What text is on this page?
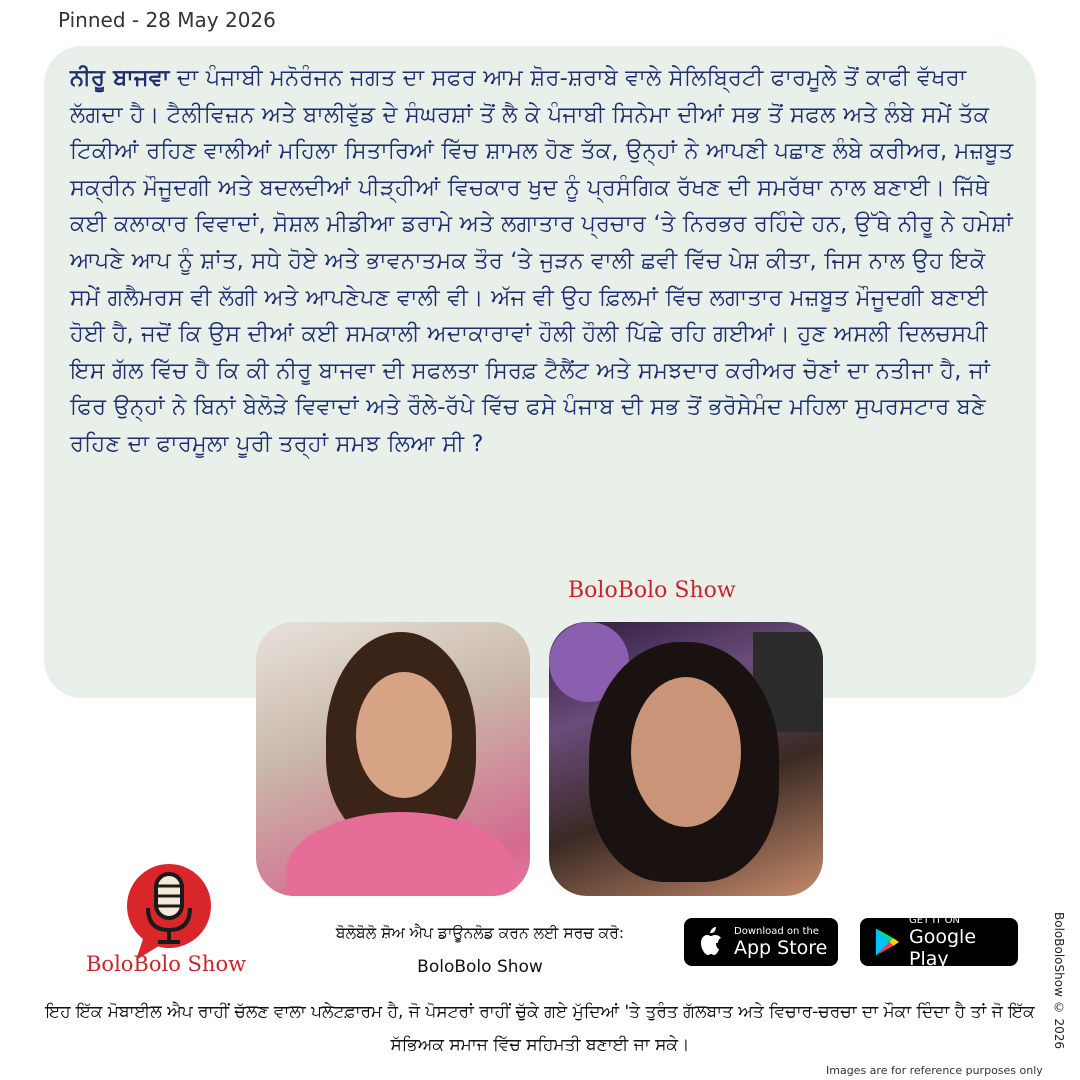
Pinned - 28 May 2026
ਨੀਰੂ ਬਾਜਵਾ ਦਾ ਪੰਜਾਬੀ ਮਨੋਰੰਜਨ ਜਗਤ ਦਾ ਸਫਰ ਆਮ ਸ਼ੋਰ-ਸ਼ਰਾਬੇ ਵਾਲੇ ਸੇਲਿਬ੍ਰਿਟੀ ਫਾਰਮੂਲੇ ਤੋਂ ਕਾਫੀ ਵੱਖਰਾ ਲੱਗਦਾ ਹੈ। ਟੈਲੀਵਿਜ਼ਨ ਅਤੇ ਬਾਲੀਵੁੱਡ ਦੇ ਸੰਘਰਸ਼ਾਂ ਤੋਂ ਲੈ ਕੇ ਪੰਜਾਬੀ ਸਿਨੇਮਾ ਦੀਆਂ ਸਭ ਤੋਂ ਸਫਲ ਅਤੇ ਲੰਬੇ ਸਮੇਂ ਤੱਕ ਟਿਕੀਆਂ ਰਹਿਣ ਵਾਲੀਆਂ ਮਹਿਲਾ ਸਿਤਾਰਿਆਂ ਵਿੱਚ ਸ਼ਾਮਲ ਹੋਣ ਤੱਕ, ਉਨ੍ਹਾਂ ਨੇ ਆਪਣੀ ਪਛਾਣ ਲੰਬੇ ਕਰੀਅਰ, ਮਜ਼ਬੂਤ ਸਕ੍ਰੀਨ ਮੌਜੂਦਗੀ ਅਤੇ ਬਦਲਦੀਆਂ ਪੀੜ੍ਹੀਆਂ ਵਿਚਕਾਰ ਖੁਦ ਨੂੰ ਪ੍ਰਸੰਗਿਕ ਰੱਖਣ ਦੀ ਸਮਰੱਥਾ ਨਾਲ ਬਣਾਈ। ਜਿੱਥੇ ਕਈ ਕਲਾਕਾਰ ਵਿਵਾਦਾਂ, ਸੋਸ਼ਲ ਮੀਡੀਆ ਡਰਾਮੇ ਅਤੇ ਲਗਾਤਾਰ ਪ੍ਰਚਾਰ ‘ਤੇ ਨਿਰਭਰ ਰਹਿੰਦੇ ਹਨ, ਉੱਥੇ ਨੀਰੂ ਨੇ ਹਮੇਸ਼ਾਂ ਆਪਣੇ ਆਪ ਨੂੰ ਸ਼ਾਂਤ, ਸਧੇ ਹੋਏ ਅਤੇ ਭਾਵਨਾਤਮਕ ਤੌਰ ‘ਤੇ ਜੁੜਨ ਵਾਲੀ ਛਵੀ ਵਿੱਚ ਪੇਸ਼ ਕੀਤਾ, ਜਿਸ ਨਾਲ ਉਹ ਇਕੋ ਸਮੇਂ ਗਲੈਮਰਸ ਵੀ ਲੱਗੀ ਅਤੇ ਆਪਣੇਪਣ ਵਾਲੀ ਵੀ। ਅੱਜ ਵੀ ਉਹ ਫ਼ਿਲਮਾਂ ਵਿੱਚ ਲਗਾਤਾਰ ਮਜ਼ਬੂਤ ਮੌਜੂਦਗੀ ਬਣਾਈ ਹੋਈ ਹੈ, ਜਦੋਂ ਕਿ ਉਸ ਦੀਆਂ ਕਈ ਸਮਕਾਲੀ ਅਦਾਕਾਰਾਵਾਂ ਹੌਲੀ ਹੌਲੀ ਪਿੱਛੇ ਰਹਿ ਗਈਆਂ। ਹੁਣ ਅਸਲੀ ਦਿਲਚਸਪੀ ਇਸ ਗੱਲ ਵਿੱਚ ਹੈ ਕਿ ਕੀ ਨੀਰੂ ਬਾਜਵਾ ਦੀ ਸਫਲਤਾ ਸਿਰਫ਼ ਟੈਲੈਂਟ ਅਤੇ ਸਮਝਦਾਰ ਕਰੀਅਰ ਚੋਣਾਂ ਦਾ ਨਤੀਜਾ ਹੈ, ਜਾਂ ਫਿਰ ਉਨ੍ਹਾਂ ਨੇ ਬਿਨਾਂ ਬੇਲੋੜੇ ਵਿਵਾਦਾਂ ਅਤੇ ਰੌਲੇ-ਰੱਪੇ ਵਿੱਚ ਫਸੇ ਪੰਜਾਬ ਦੀ ਸਭ ਤੋਂ ਭਰੋਸੇਮੰਦ ਮਹਿਲਾ ਸੁਪਰਸਟਾਰ ਬਣੇ ਰਹਿਣ ਦਾ ਫਾਰਮੂਲਾ ਪੂਰੀ ਤਰ੍ਹਾਂ ਸਮਝ ਲਿਆ ਸੀ ?
BoloBolo Show
BoloBolo Show
ਬੋਲੋਬੋਲੋ ਸ਼ੋਅ ਐਪ ਡਾਊਨਲੋਡ ਕਰਨ ਲਈ ਸਰਚ ਕਰੋ:
BoloBolo Show
Download on the
App Store
GET IT ON
Google Play
ਇਹ ਇੱਕ ਮੋਬਾਈਲ ਐਪ ਰਾਹੀਂ ਚੱਲਣ ਵਾਲਾ ਪਲੇਟਫ਼ਾਰਮ ਹੈ, ਜੋ ਪੋਸਟਰਾਂ ਰਾਹੀਂ ਚੁੱਕੇ ਗਏ ਮੁੱਦਿਆਂ 'ਤੇ ਤੁਰੰਤ ਗੱਲਬਾਤ ਅਤੇ ਵਿਚਾਰ-ਚਰਚਾ ਦਾ ਮੌਕਾ ਦਿੰਦਾ ਹੈ ਤਾਂ ਜੋ ਇੱਕ ਸੱਭਿਅਕ ਸਮਾਜ ਵਿੱਚ ਸਹਿਮਤੀ ਬਣਾਈ ਜਾ ਸਕੇ।	BoloBoloShow © 2026
Images are for reference purposes only
